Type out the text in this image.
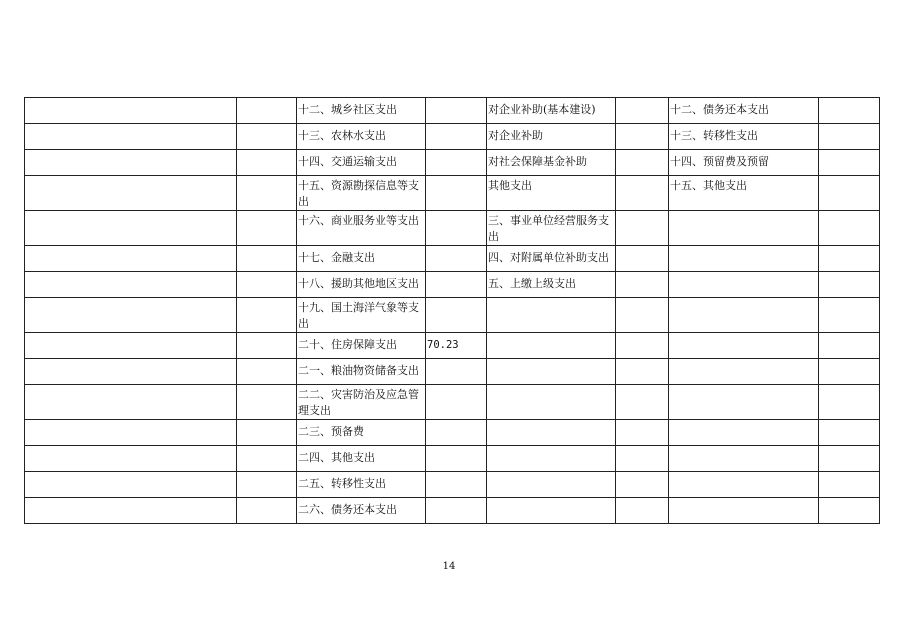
		十二、城乡社区支出		对企业补助(基本建设)		十二、债务还本支出	
		十三、农林水支出		对企业补助		十三、转移性支出	
		十四、交通运输支出		对社会保障基金补助		十四、预留费及预留	
		十五、资源勘探信息等支出		其他支出		十五、其他支出	
		十六、商业服务业等支出		三、事业单位经营服务支出			
		十七、金融支出		四、对附属单位补助支出			
		十八、援助其他地区支出		五、上缴上级支出			
		十九、国土海洋气象等支出					
		二十、住房保障支出	70.23				
		二一、粮油物资储备支出					
		二二、灾害防治及应急管理支出					
		二三、预备费					
		二四、其他支出					
		二五、转移性支出					
		二六、债务还本支出					
14
